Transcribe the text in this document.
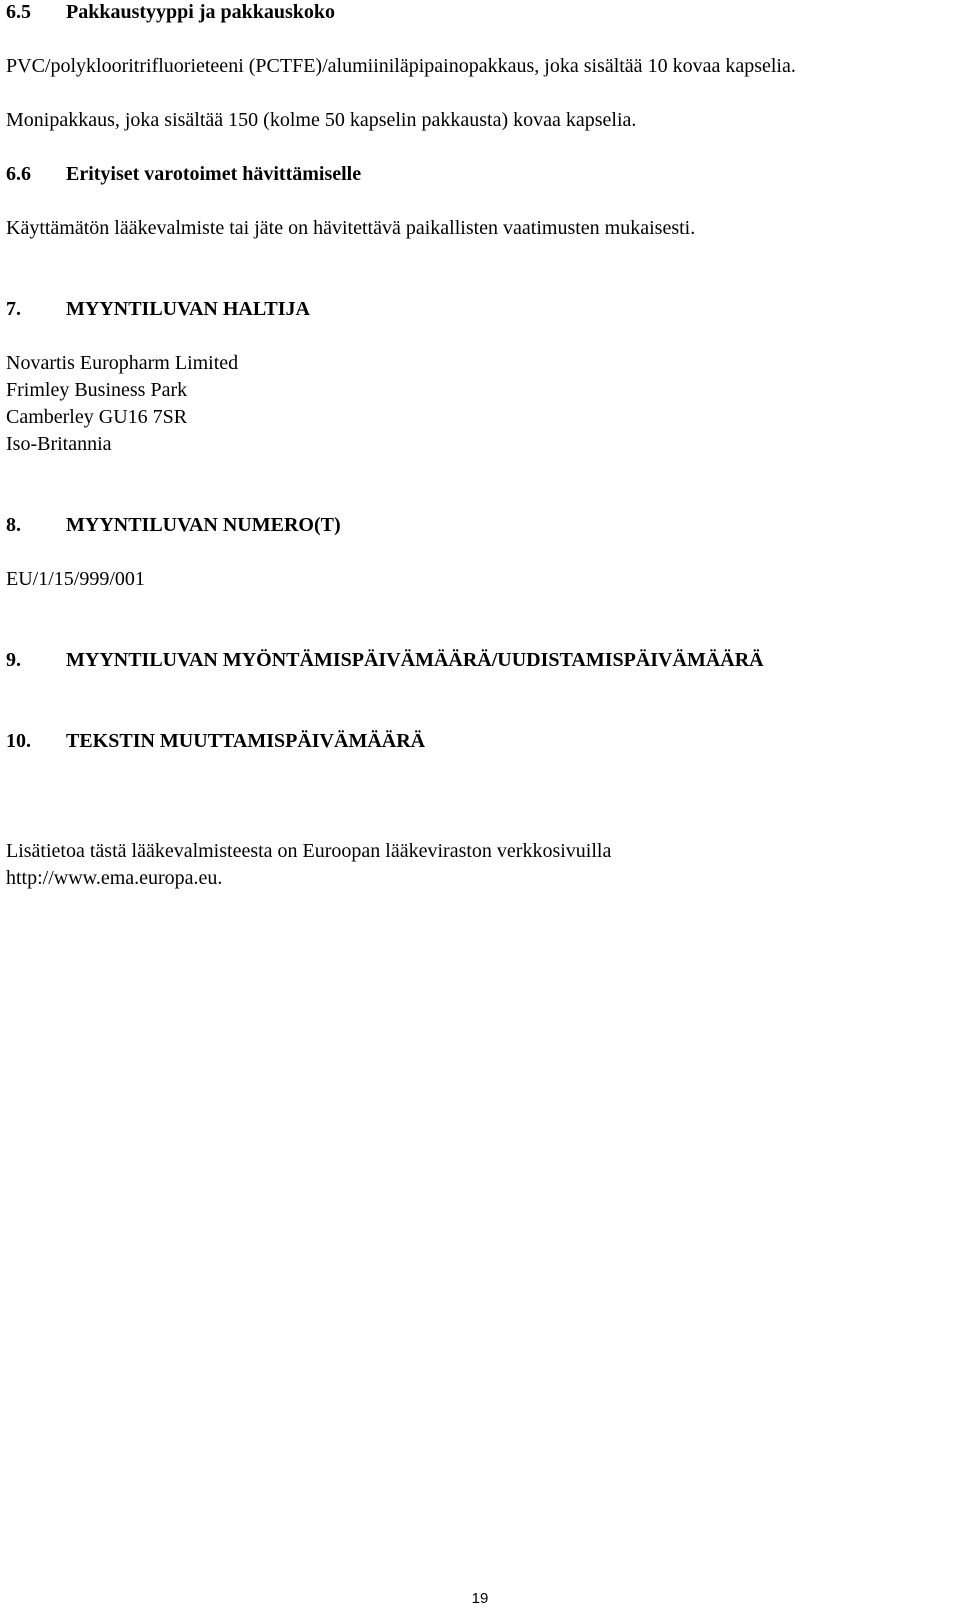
6.5 Pakkaustyyppi ja pakkauskoko
PVC/polyklooritrifluorieteeni (PCTFE)/alumiiniläpipainopakkaus, joka sisältää 10 kovaa kapselia.
Monipakkaus, joka sisältää 150 (kolme 50 kapselin pakkausta) kovaa kapselia.
6.6 Erityiset varotoimet hävittämiselle
Käyttämätön lääkevalmiste tai jäte on hävitettävä paikallisten vaatimusten mukaisesti.
7. MYYNTILUVAN HALTIJA
Novartis Europharm Limited
Frimley Business Park
Camberley GU16 7SR
Iso-Britannia
8. MYYNTILUVAN NUMERO(T)
EU/1/15/999/001
9. MYYNTILUVAN MYÖNTÄMISPÄIVÄMÄÄRÄ/UUDISTAMISPÄIVÄMÄÄRÄ
10. TEKSTIN MUUTTAMISPÄIVÄMÄÄRÄ
Lisätietoa tästä lääkevalmisteesta on Euroopan lääkeviraston verkkosivuilla
http://www.ema.europa.eu.
19
